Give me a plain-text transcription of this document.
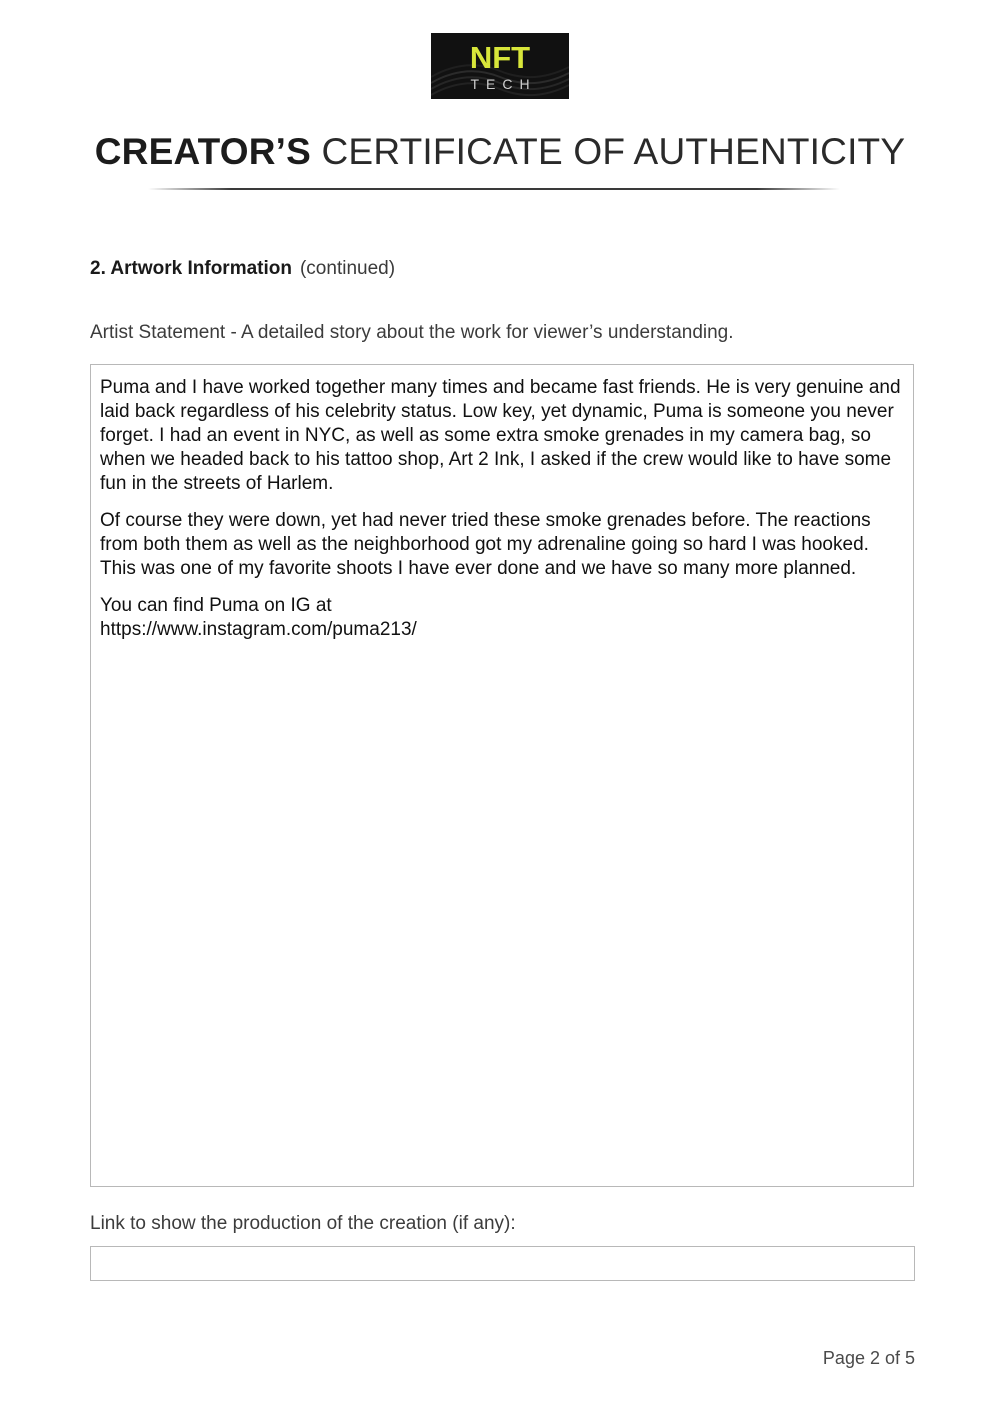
NFT
TECH
CREATOR’S CERTIFICATE OF AUTHENTICITY
2. Artwork Information (continued)
Artist Statement - A detailed story about the work for viewer’s understanding.

Puma and I have worked together many times and became fast friends. He is very genuine and laid back regardless of his celebrity status. Low key, yet dynamic, Puma is someone you never forget. I had an event in NYC, as well as some extra smoke grenades in my camera bag, so when we headed back to his tattoo shop, Art 2 Ink, I asked if the crew would like to have some fun in the streets of Harlem.

Of course they were down, yet had never tried these smoke grenades before. The reactions from both them as well as the neighborhood got my adrenaline going so hard I was hooked. This was one of my favorite shoots I have ever done and we have so many more planned.

You can find Puma on IG at

https://www.instagram.com/puma213/

Link to show the production of the creation (if any):
Page 2 of 5
